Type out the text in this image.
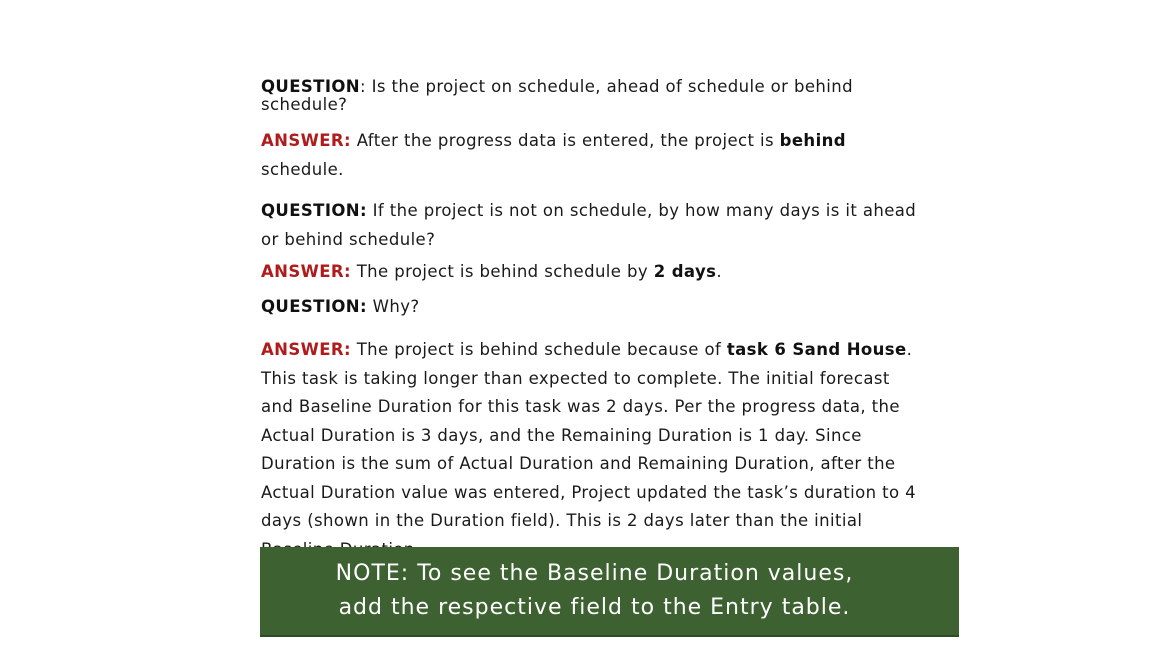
QUESTION: Is the project on schedule, ahead of schedule or behind schedule?

ANSWER: After the progress data is entered, the project is behind schedule.

QUESTION: If the project is not on schedule, by how many days is it ahead or behind schedule?

ANSWER: The project is behind schedule by 2 days.

QUESTION: Why?

ANSWER: The project is behind schedule because of task 6 Sand House. This task is taking longer than expected to complete. The initial forecast and Baseline Duration for this task was 2 days. Per the progress data, the Actual Duration is 3 days, and the Remaining Duration is 1 day. Since Duration is the sum of Actual Duration and Remaining Duration, after the Actual Duration value was entered, Project updated the task’s duration to 4 days (shown in the Duration field). This is 2 days later than the initial

NOTE: To see the Baseline Duration values,
add the respective field to the Entry table.
